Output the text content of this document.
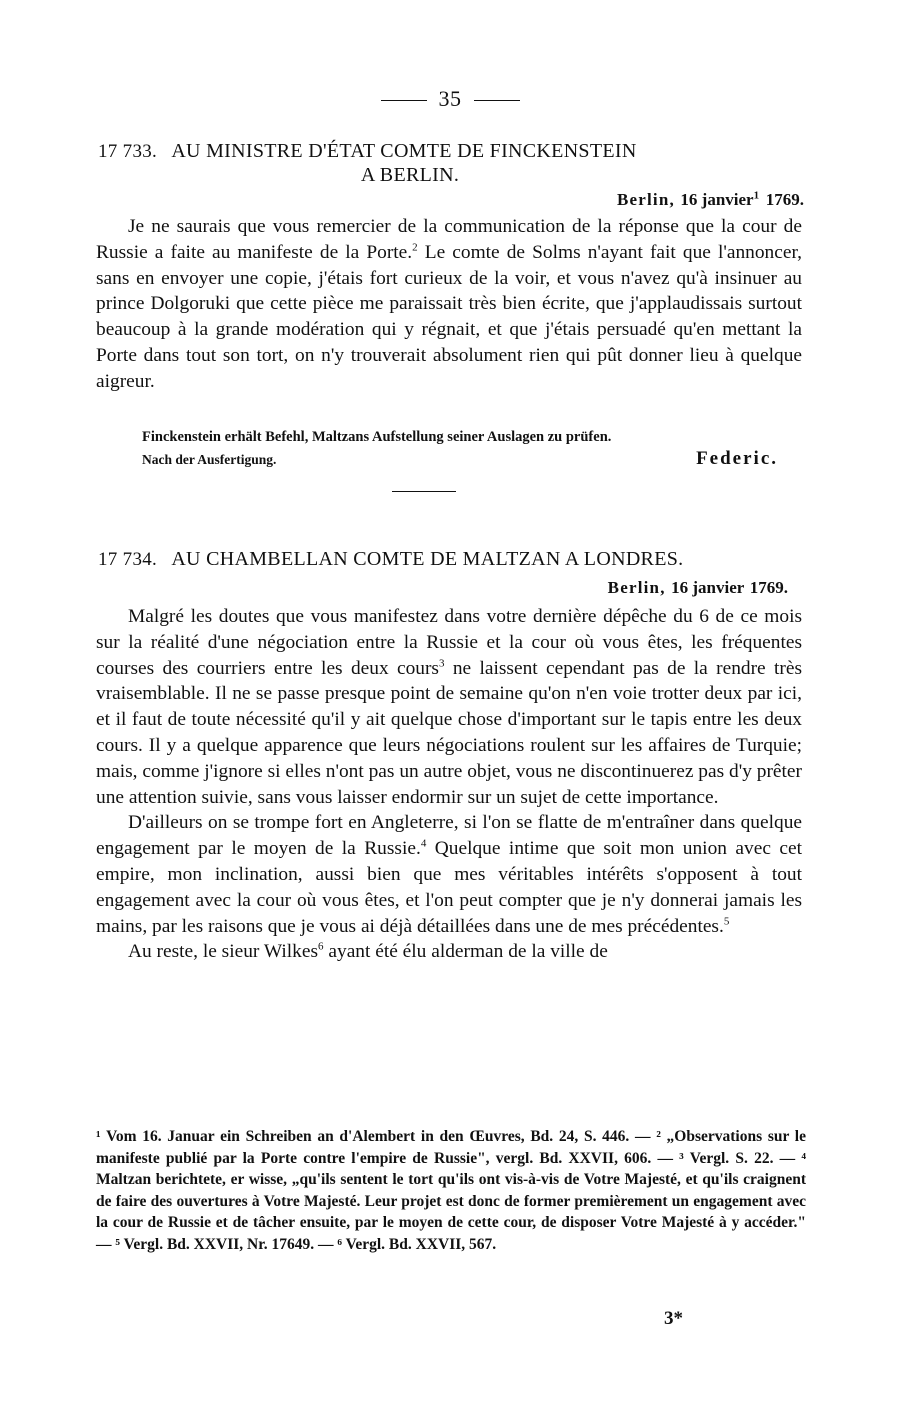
35
17 733. AU MINISTRE D'ÉTAT COMTE DE FINCKENSTEIN
A BERLIN.
Berlin, 16 janvier$^1$ 1769.

Je ne saurais que vous remercier de la communication de la réponse que la cour de Russie a faite au manifeste de la Porte.$^2$ Le comte de Solms n'ayant fait que l'annoncer, sans en envoyer une copie, j'étais fort curieux de la voir, et vous n'avez qu'à insinuer au prince Dolgoruki que cette pièce me paraissait très bien écrite, que j'applaudissais surtout beaucoup à la grande modération qui y régnait, et que j'étais persuadé qu'en mettant la Porte dans tout son tort, on n'y trouverait absolument rien qui pût donner lieu à quelque aigreur.

Finckenstein erhält Befehl, Maltzans Aufstellung seiner Auslagen zu prüfen.
Nach der Ausfertigung.	Federic.
17 734. AU CHAMBELLAN COMTE DE MALTZAN A LONDRES.
Berlin, 16 janvier 1769.

Malgré les doutes que vous manifestez dans votre dernière dépêche du 6 de ce mois sur la réalité d'une négociation entre la Russie et la cour où vous êtes, les fréquentes courses des courriers entre les deux cours$^3$ ne laissent cependant pas de la rendre très vraisemblable. Il ne se passe presque point de semaine qu'on n'en voie trotter deux par ici, et il faut de toute nécessité qu'il y ait quelque chose d'important sur le tapis entre les deux cours. Il y a quelque apparence que leurs négociations roulent sur les affaires de Turquie; mais, comme j'ignore si elles n'ont pas un autre objet, vous ne discontinuerez pas d'y prêter une attention suivie, sans vous laisser endormir sur un sujet de cette importance.

D'ailleurs on se trompe fort en Angleterre, si l'on se flatte de m'entraîner dans quelque engagement par le moyen de la Russie.$^4$ Quelque intime que soit mon union avec cet empire, mon inclination, aussi bien que mes véritables intérêts s'opposent à tout engagement avec la cour où vous êtes, et l'on peut compter que je n'y donnerai jamais les mains, par les raisons que je vous ai déjà détaillées dans une de mes précédentes.$^5$

Au reste, le sieur Wilkes$^6$ ayant été élu alderman de la ville de

¹ Vom 16. Januar ein Schreiben an d'Alembert in den Œuvres, Bd. 24, S. 446. — ² „Observations sur le manifeste publié par la Porte contre l'empire de Russie", vergl. Bd. XXVII, 606. — ³ Vergl. S. 22. — ⁴ Maltzan berichtete, er wisse, „qu'ils sentent le tort qu'ils ont vis-à-vis de Votre Majesté, et qu'ils craignent de faire des ouvertures à Votre Majesté. Leur projet est donc de former premièrement un engagement avec la cour de Russie et de tâcher ensuite, par le moyen de cette cour, de disposer Votre Majesté à y accéder." — ⁵ Vergl. Bd. XXVII, Nr. 17649. — ⁶ Vergl. Bd. XXVII, 567.
3*
